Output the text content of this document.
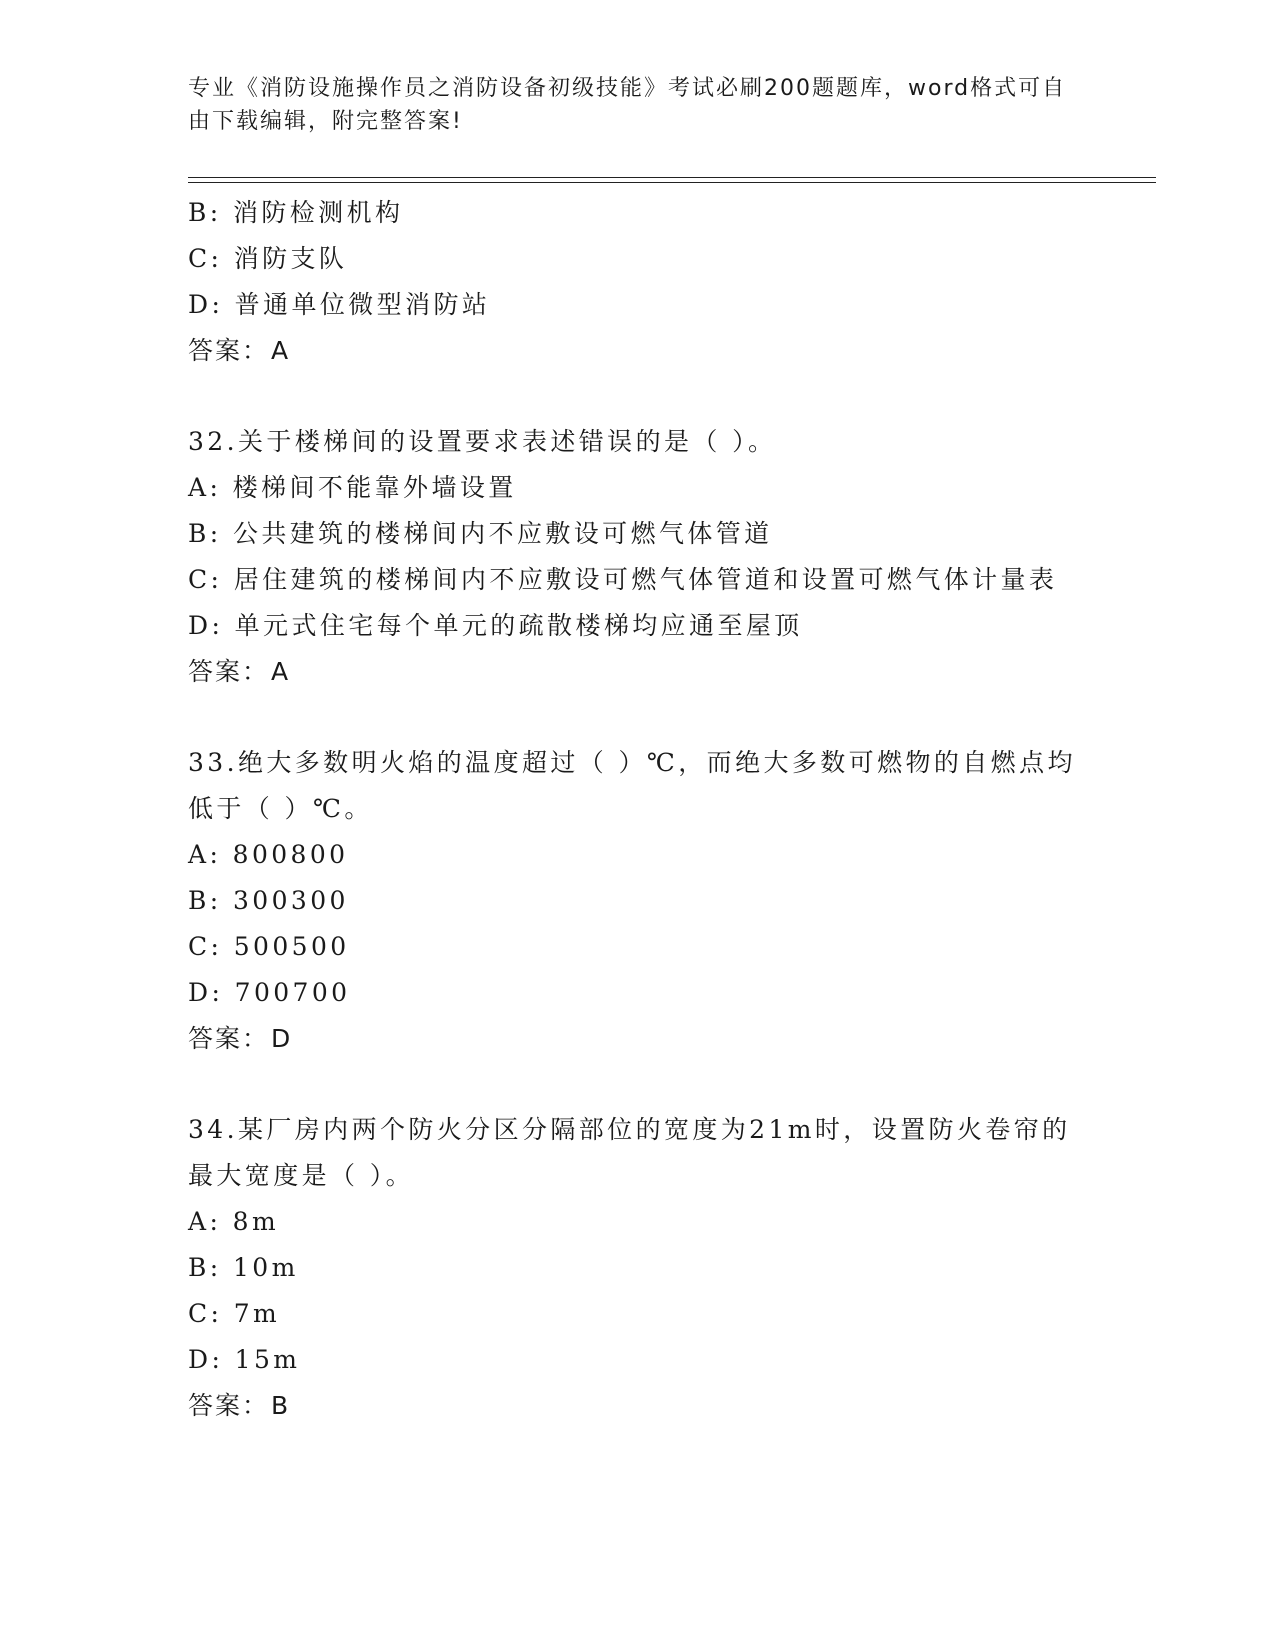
专业《消防设施操作员之消防设备初级技能》考试必刷200题题库，word格式可自由下载编辑，附完整答案!
B: 消防检测机构
C: 消防支队
D: 普通单位微型消防站
答案：A
32.关于楼梯间的设置要求表述错误的是（ ）。
A: 楼梯间不能靠外墙设置
B: 公共建筑的楼梯间内不应敷设可燃气体管道
C: 居住建筑的楼梯间内不应敷设可燃气体管道和设置可燃气体计量表
D: 单元式住宅每个单元的疏散楼梯均应通至屋顶
答案：A
33.绝大多数明火焰的温度超过（ ）℃，而绝大多数可燃物的自燃点均低于（ ）℃。
A: 800800
B: 300300
C: 500500
D: 700700
答案：D
34.某厂房内两个防火分区分隔部位的宽度为21m时，设置防火卷帘的最大宽度是（ ）。
A: 8m
B: 10m
C: 7m
D: 15m
答案：B
